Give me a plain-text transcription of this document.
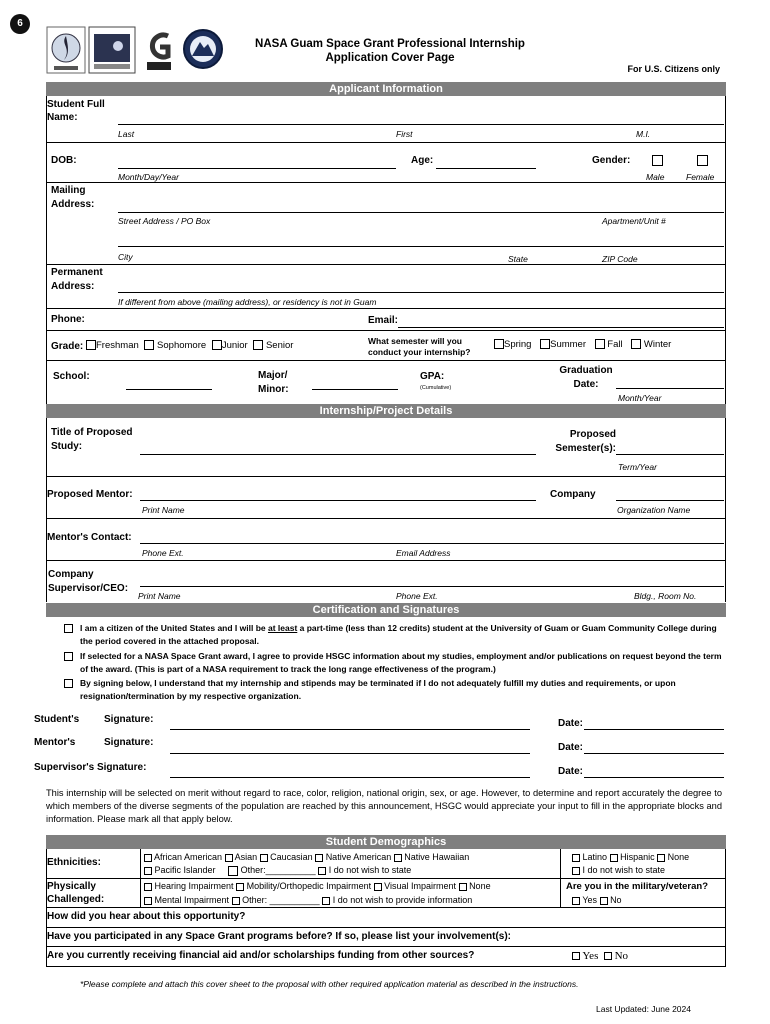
6
NASA Guam Space Grant Professional Internship
Application Cover Page
For U.S. Citizens only
Applicant Information
Student Full Name:
Last	First	M.I.
DOB:
Month/Day/Year
Age:	Gender:
Male	Female
Mailing Address:
Street Address / PO Box	Apartment/Unit #
City	State	ZIP Code
Permanent Address:
If different from above (mailing address), or residency is not in Guam
Phone:	Email:
Grade:	Freshman Sophomore Junior Senior	What semester will you conduct your internship?
Spring Summer Fall Winter
School:	Major/ Minor:
GPA:
(Cumulative)
Graduation Date:
Month/Year
Internship/Project Details
Title of Proposed Study:
Proposed Semester(s):
Term/Year
Proposed Mentor:	Company
Print Name	Organization Name
Mentor's Contact:
Phone Ext.	Email Address
Company Supervisor/CEO:
Print Name	Phone Ext.	Bldg., Room No.
Certification and Signatures
I am a citizen of the United States and I will be at least a part-time (less than 12 credits) student at the University of Guam or Guam Community College during the period covered in the attached proposal.
If selected for a NASA Space Grant award, I agree to provide HSGC information about my studies, employment and/or publications on request beyond the term of the award. (This is part of a NASA requirement to track the long range effectiveness of the program.)
By signing below, I understand that my internship and stipends may be terminated if I do not adequately fulfill my duties and requirements, or upon resignation/termination by my respective organization.
Student's Signature:	Date:
Mentor's	Signature:	Date:
Supervisor's Signature:	Date:
This internship will be selected on merit without regard to race, color, religion, national origin, sex, or age. However, to determine and report accurately the degree to which members of the diverse segments of the population are reached by this announcement, HSGC would appreciate your input to fill in the appropriate blocks and information. Please mark all that apply below.
Student Demographics
Ethnicities:	African American Asian Caucasian Native American Native Hawaiian
Pacific Islander	Other:__________ I do not wish to state
Latino Hispanic None
I do not wish to state
Physically Challenged:
Hearing Impairment Mobility/Orthopedic Impairment Visual Impairment None
Mental Impairment Other: __________ I do not wish to provide information
Are you in the military/veteran?
Yes No
How did you hear about this opportunity?
Have you participated in any Space Grant programs before? If so, please list your involvement(s):
Are you currently receiving financial aid and/or scholarships funding from other sources?	Yes No
*Please complete and attach this cover sheet to the proposal with other required application material as described in the instructions.
Last Updated: June 2024
